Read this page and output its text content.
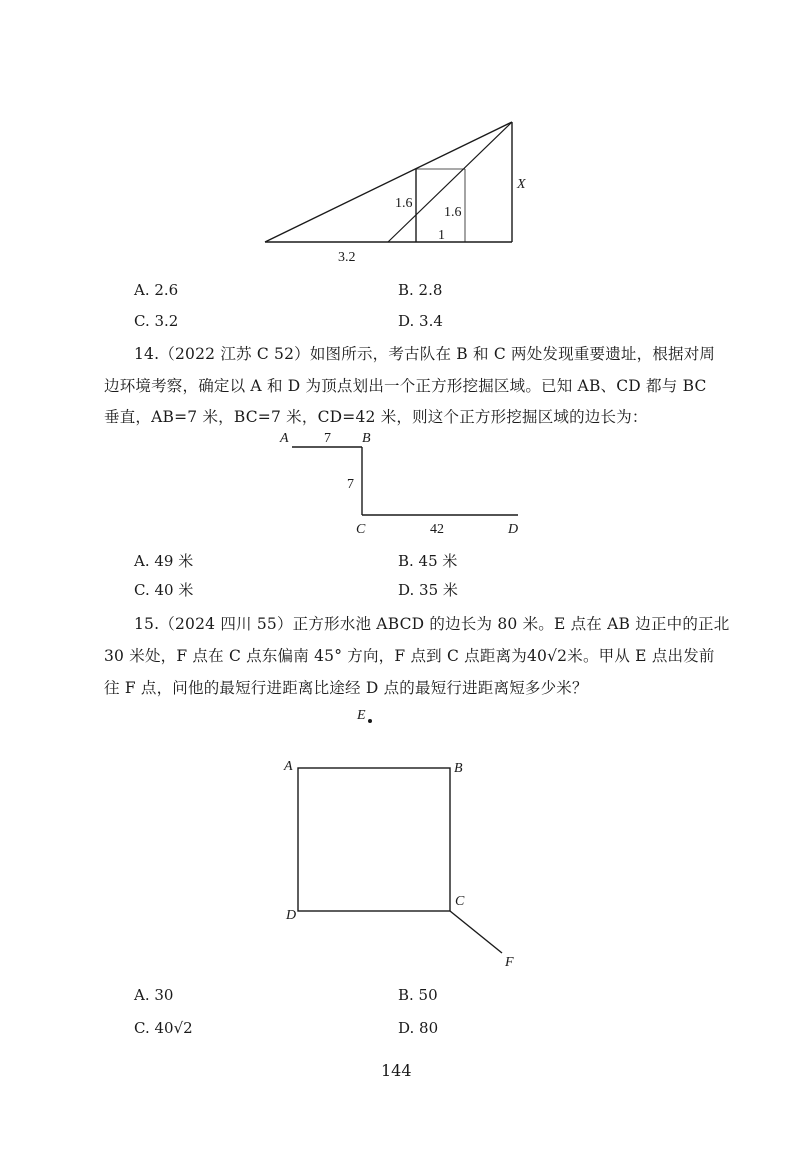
1.6
1.6
X
3.2
1
A. 2.6	B. 2.8
C. 3.2	D. 3.4
14.（2022 江苏 C 52）如图所示，考古队在 B 和 C 两处发现重要遗址，根据对周
边环境考察，确定以 A 和 D 为顶点划出一个正方形挖掘区域。已知 AB、CD 都与 BC
垂直，AB=7 米，BC=7 米，CD=42 米，则这个正方形挖掘区域的边长为：
A	7 B
7
C	42	D
A. 49 米	B. 45 米
C. 40 米	D. 35 米
15.（2024 四川 55）正方形水池 ABCD 的边长为 80 米。E 点在 AB 边正中的正北
30 米处，F 点在 C 点东偏南 45° 方向，F 点到 C 点距离为40√2米。甲从 E 点出发前
往 F 点，问他的最短行进距离比途经 D 点的最短行进距离短多少米？
E
A	B
C
D
F
A. 30	B. 50
C. 40√2	D. 80
144
